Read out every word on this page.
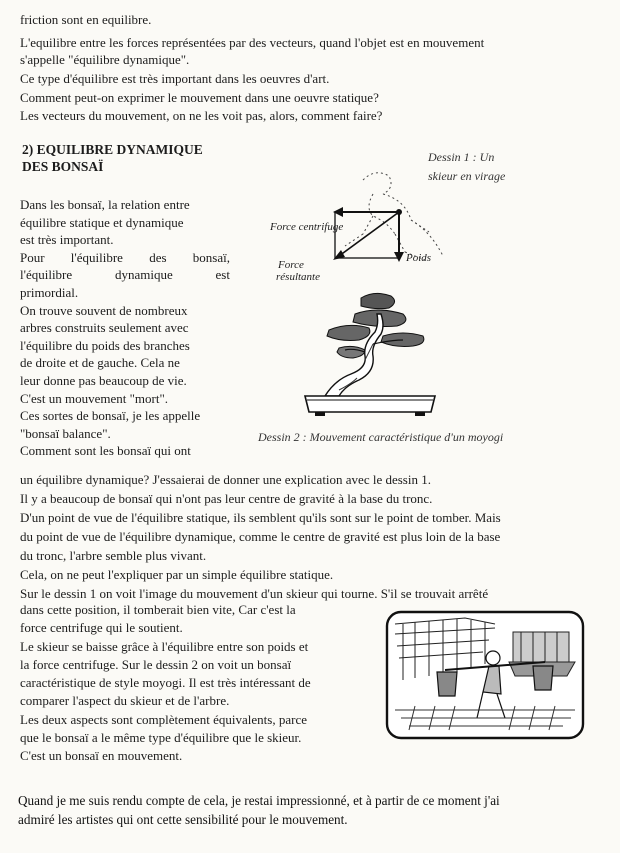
friction sont en equilibre.
L'equilibre entre les forces représentées par des vecteurs, quand l'objet est en mouvement
s'appelle "équilibre dynamique".
Ce type d'équilibre est très important dans les oeuvres d'art.
Comment peut-on exprimer le mouvement dans une oeuvre statique?
Les vecteurs du mouvement, on ne les voit pas, alors, comment faire?
2) EQUILIBRE DYNAMIQUE
DES BONSAÏ
Dans les bonsaï, la relation entre
équilibre statique et dynamique
est très important.
Pour l'équilibre des bonsaï,
l'équilibre	dynamique	est
primordial.
On trouve souvent de nombreux
arbres construits seulement avec
l'équilibre du poids des branches
de droite et de gauche. Cela ne
leur donne pas beaucoup de vie.
C'est un mouvement "mort".
Ces sortes de bonsaï, je les appelle
"bonsaï balance".
Comment sont les bonsaï qui ont
Dessin 1 : Un
skieur en virage
Force centrifuge
Force
résultante
Poids
Dessin 2 : Mouvement caractéristique d'un moyogi
un équilibre dynamique? J'essaierai de donner une explication avec le dessin 1.
Il y a beaucoup de bonsaï qui n'ont pas leur centre de gravité à la base du tronc.
D'un point de vue de l'équilibre statique, ils semblent qu'ils sont sur le point de tomber. Mais
du point de vue de l'équilibre dynamique, comme le centre de gravité est plus loin de la base
du tronc, l'arbre semble plus vivant.
Cela, on ne peut l'expliquer par un simple équilibre statique.
Sur le dessin 1 on voit l'image du mouvement d'un skieur qui tourne. S'il se trouvait arrêté
dans cette position, il tomberait bien vite, Car c'est la
force centrifuge qui le soutient.
Le skieur se baisse grâce à l'équilibre entre son poids et
la force centrifuge. Sur le dessin 2 on voit un bonsaï
caractéristique de style moyogi. Il est très intéressant de
comparer l'aspect du skieur et de l'arbre.
Les deux aspects sont complètement équivalents, parce
que le bonsaï a le même type d'équilibre que le skieur.
C'est un bonsaï en mouvement.
Quand je me suis rendu compte de cela, je restai impressionné, et à partir de ce moment j'ai
admiré les artistes qui ont cette sensibilité pour le mouvement.
